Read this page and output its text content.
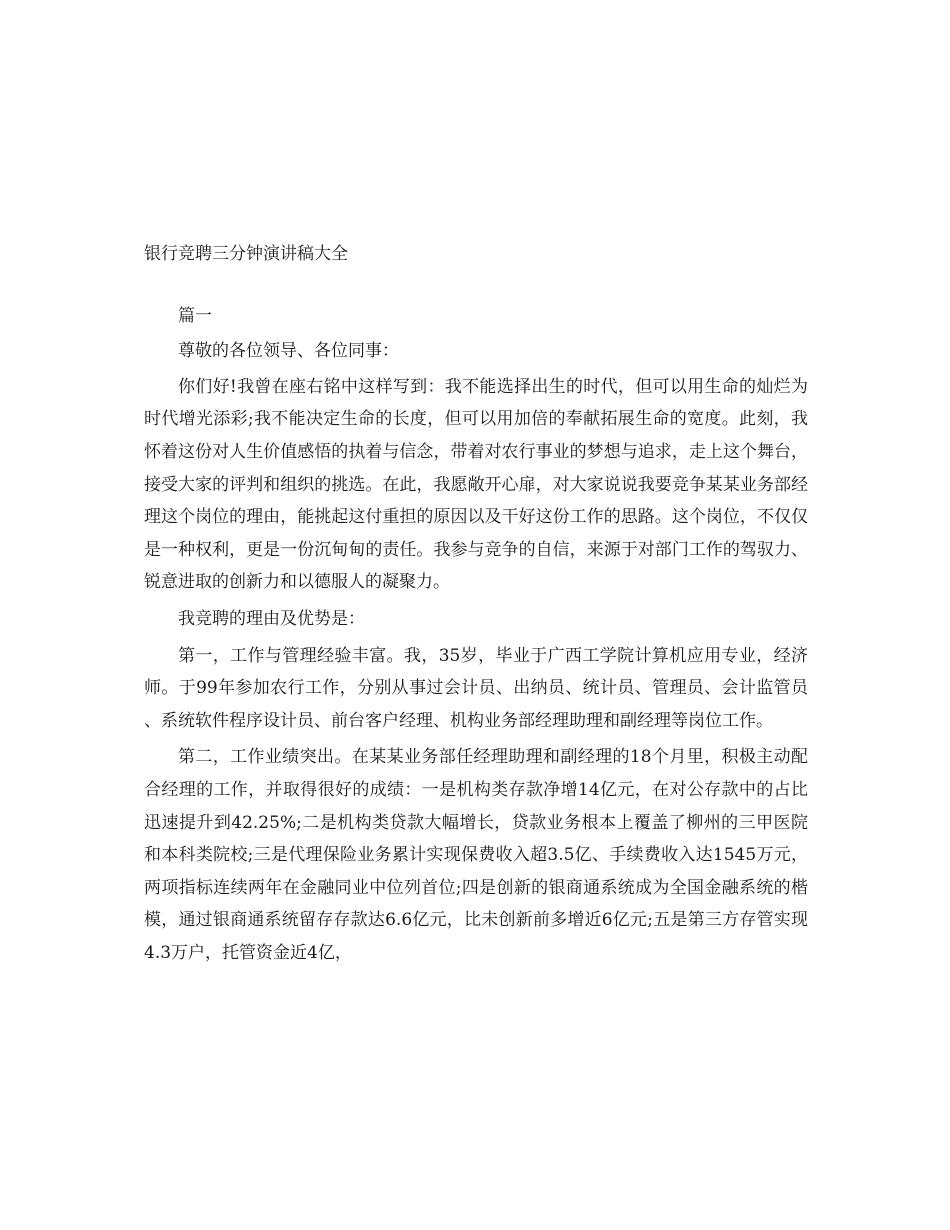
银行竞聘三分钟演讲稿大全

篇一

尊敬的各位领导、各位同事：

你们好!我曾在座右铭中这样写到：我不能选择出生的时代，但可以用生命的灿烂为时代增光添彩;我不能决定生命的长度，但可以用加倍的奉献拓展生命的宽度。此刻，我怀着这份对人生价值感悟的执着与信念，带着对农行事业的梦想与追求，走上这个舞台，接受大家的评判和组织的挑选。在此，我愿敞开心扉，对大家说说我要竞争某某业务部经理这个岗位的理由，能挑起这付重担的原因以及干好这份工作的思路。这个岗位，不仅仅是一种权利，更是一份沉甸甸的责任。我参与竞争的自信，来源于对部门工作的驾驭力、锐意进取的创新力和以德服人的凝聚力。

我竞聘的理由及优势是：

第一，工作与管理经验丰富。我，35岁，毕业于广西工学院计算机应用专业，经济师。于99年参加农行工作，分别从事过会计员、出纳员、统计员、管理员、会计监管员、系统软件程序设计员、前台客户经理、机构业务部经理助理和副经理等岗位工作。

第二，工作业绩突出。在某某业务部任经理助理和副经理的18个月里，积极主动配合经理的工作，并取得很好的成绩：一是机构类存款净增14亿元，在对公存款中的占比迅速提升到42.25%;二是机构类贷款大幅增长，贷款业务根本上覆盖了柳州的三甲医院和本科类院校;三是代理保险业务累计实现保费收入超3.5亿、手续费收入达1545万元，两项指标连续两年在金融同业中位列首位;四是创新的银商通系统成为全国金融系统的楷模，通过银商通系统留存存款达6.6亿元，比未创新前多增近6亿元;五是第三方存管实现4.3万户，托管资金近4亿，
